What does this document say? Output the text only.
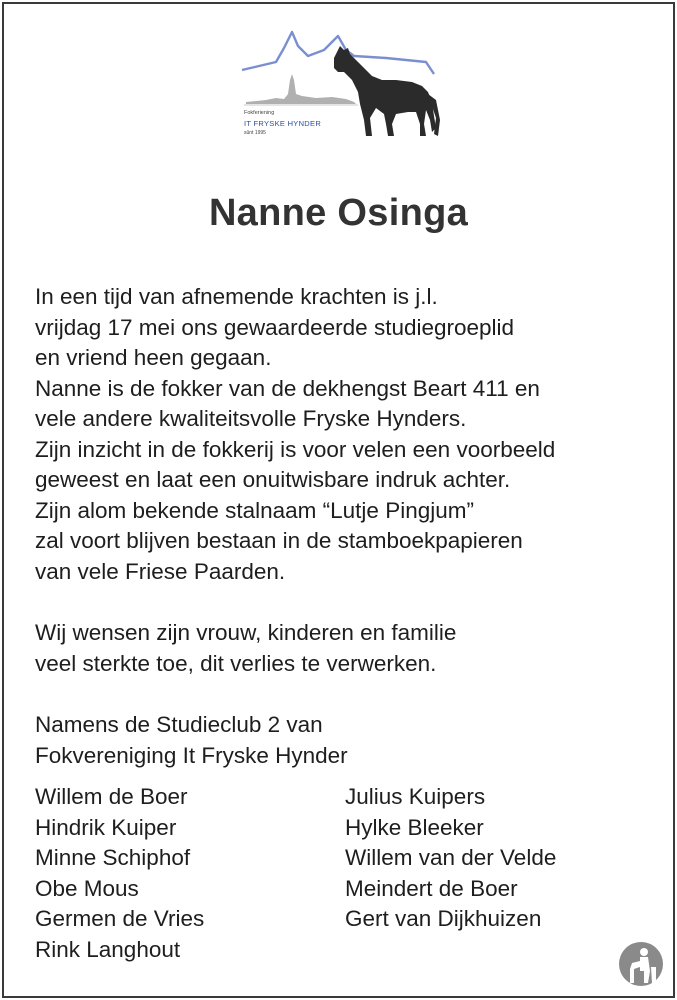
Fokferiening
IT FRYSKE HYNDER
sûnt 1995
Nanne Osinga
In een tijd van afnemende krachten is j.l.
vrijdag 17 mei ons gewaardeerde studiegroeplid
en vriend heen gegaan.
Nanne is de fokker van de dekhengst Beart 411 en
vele andere kwaliteitsvolle Fryske Hynders.
Zijn inzicht in de fokkerij is voor velen een voorbeeld
geweest en laat een onuitwisbare indruk achter.
Zijn alom bekende stalnaam “Lutje Pingjum”
zal voort blijven bestaan in de stamboekpapieren
van vele Friese Paarden.
Wij wensen zijn vrouw, kinderen en familie
veel sterkte toe, dit verlies te verwerken.
Namens de Studieclub 2 van
Fokvereniging It Fryske Hynder
Willem de Boer
Hindrik Kuiper
Minne Schiphof
Obe Mous
Germen de Vries
Rink Langhout
Julius Kuipers
Hylke Bleeker
Willem van der Velde
Meindert de Boer
Gert van Dijkhuizen
